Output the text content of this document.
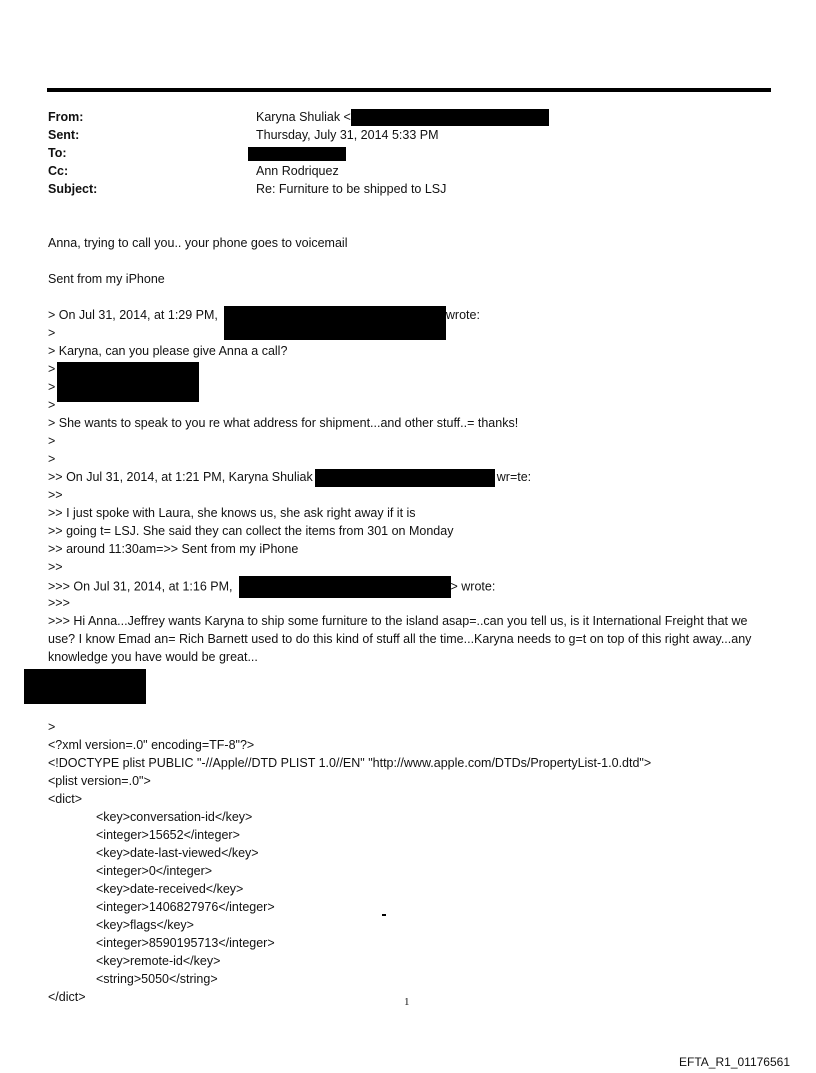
From:	Karyna Shuliak <
Sent:	Thursday, July 31, 2014 5:33 PM
To:
Cc:	Ann Rodriquez
Subject:	Re: Furniture to be shipped to LSJ
Anna, trying to call you.. your phone goes to voicemail
Sent from my iPhone
> On Jul 31, 2014, at 1:29 PM,	wrote:
>
> Karyna, can you please give Anna a call?
>
>
>
> She wants to speak to you re what address for shipment...and other stuff..= thanks!
>
>
>> On Jul 31, 2014, at 1:21 PM, Karyna Shuliak	wr=te:
>>
>> I just spoke with Laura, she knows us, she ask right away if it is
>> going t= LSJ. She said they can collect the items from 301 on Monday
>> around 11:30am=>> Sent from my iPhone
>>
>>> On Jul 31, 2014, at 1:16 PM,	> wrote:
>>>
>>> Hi Anna...Jeffrey wants Karyna to ship some furniture to the island asap=..can you tell us, is it International Freight that we use? I know Emad an= Rich Barnett used to do this kind of stuff all the time...Karyna needs to g=t on top of this right away...any knowledge you have would be great...
>
<?xml version=.0" encoding=TF-8"?>
<!DOCTYPE plist PUBLIC "-//Apple//DTD PLIST 1.0//EN" "http://www.apple.com/DTDs/PropertyList-1.0.dtd">
<plist version=.0">
<dict>
<key>conversation-id</key>
<integer>15652</integer>
<key>date-last-viewed</key>
<integer>0</integer>
<key>date-received</key>
<integer>1406827976</integer>
<key>flags</key>
<integer>8590195713</integer>
<key>remote-id</key>
<string>5050</string>
</dict>	1
EFTA_R1_01176561
